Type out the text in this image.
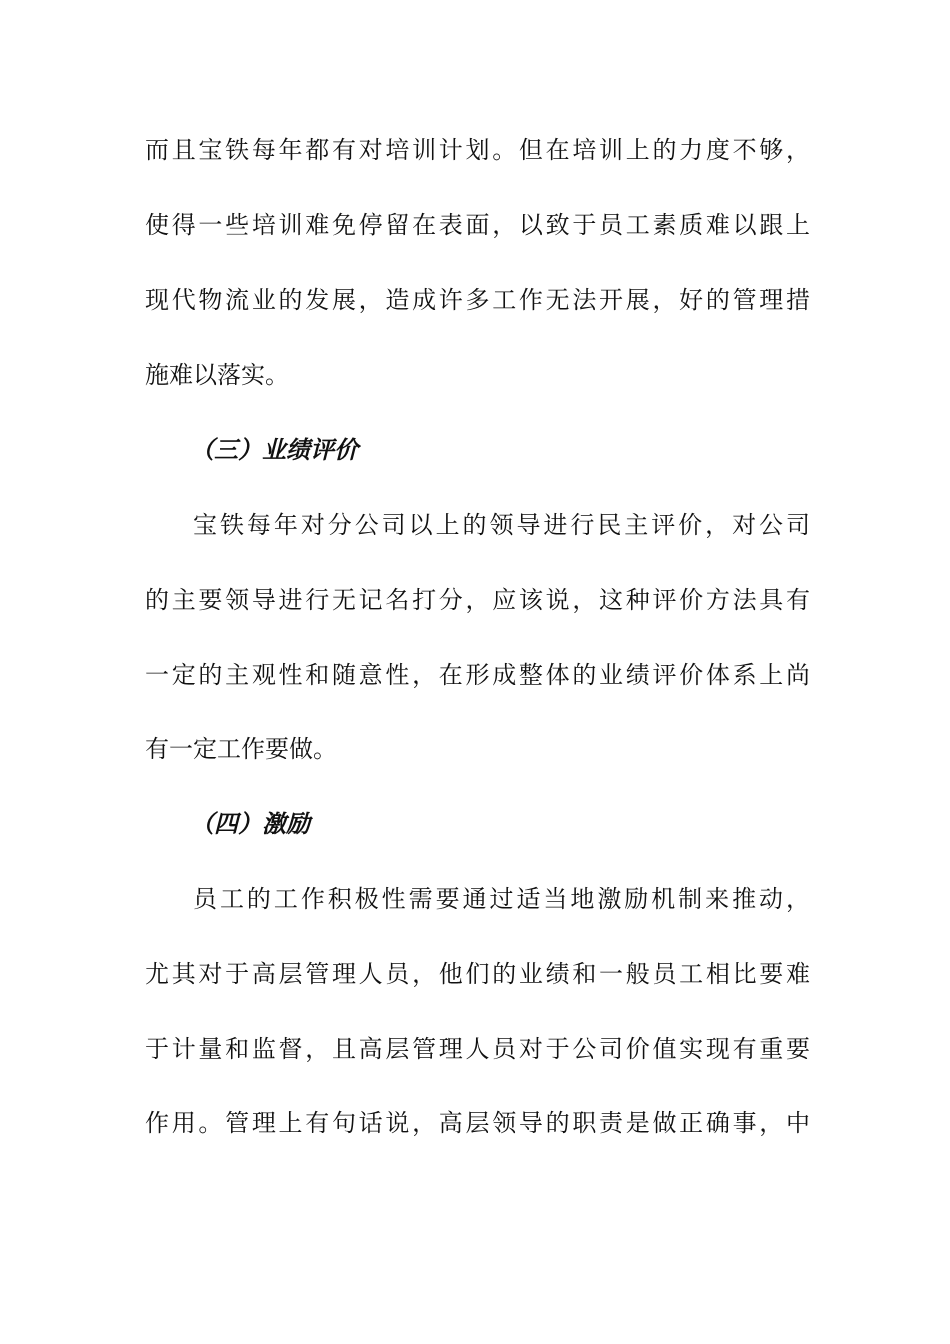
而且宝铁每年都有对培训计划。但在培训上的力度不够，

使得一些培训难免停留在表面，以致于员工素质难以跟上

现代物流业的发展，造成许多工作无法开展，好的管理措

施难以落实。

（三）业绩评价

宝铁每年对分公司以上的领导进行民主评价，对公司

的主要领导进行无记名打分，应该说，这种评价方法具有

一定的主观性和随意性，在形成整体的业绩评价体系上尚

有一定工作要做。

（四）激励

员工的工作积极性需要通过适当地激励机制来推动，

尤其对于高层管理人员，他们的业绩和一般员工相比要难

于计量和监督，且高层管理人员对于公司价值实现有重要

作用。管理上有句话说，高层领导的职责是做正确事，中
